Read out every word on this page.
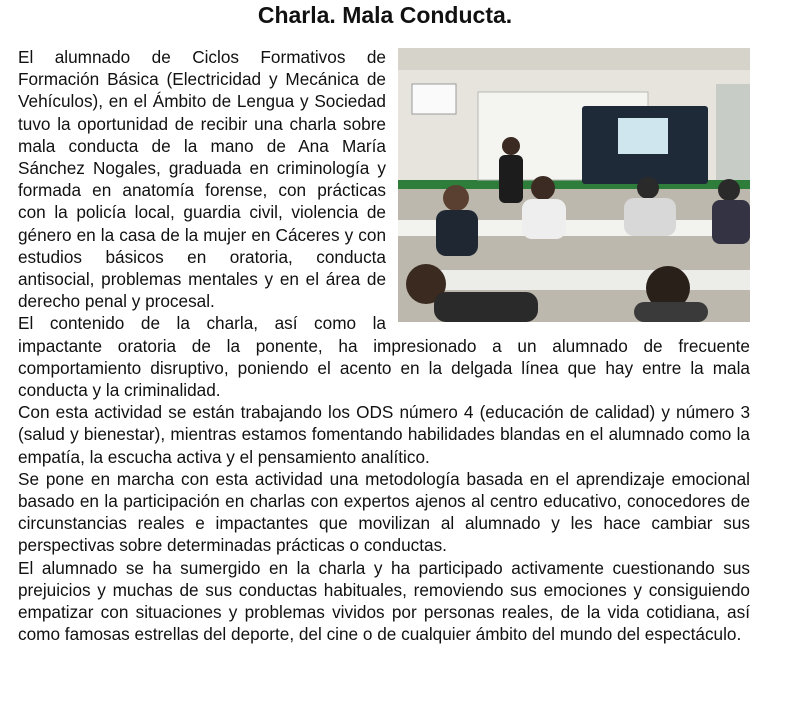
Charla. Mala Conducta.

El alumnado de Ciclos Formativos de Formación Básica (Electricidad y Mecánica de Vehículos), en el Ámbito de Lengua y Sociedad tuvo la oportunidad de recibir una charla sobre mala conducta de la mano de Ana María Sánchez Nogales, graduada en criminología y formada en anatomía forense, con prácticas con la policía local, guardia civil, violencia de género en la casa de la mujer en Cáceres y con estudios básicos en oratoria, conducta antisocial, problemas mentales y en el área de derecho penal y procesal.

El contenido de la charla, así como la impactante oratoria de la ponente, ha impresionado a un alumnado de frecuente comportamiento disruptivo, poniendo el acento en la delgada línea que hay entre la mala conducta y la criminalidad.

Con esta actividad se están trabajando los ODS número 4 (educación de calidad) y número 3 (salud y bienestar), mientras estamos fomentando habilidades blandas en el alumnado como la empatía, la escucha activa y el pensamiento analítico.

Se pone en marcha con esta actividad una metodología basada en el aprendizaje emocional basado en la participación en charlas con expertos ajenos al centro educativo, conocedores de circunstancias reales e impactantes que movilizan al alumnado y les hace cambiar sus perspectivas sobre determinadas prácticas o conductas.

El alumnado se ha sumergido en la charla y ha participado activamente cuestionando sus prejuicios y muchas de sus conductas habituales, removiendo sus emociones y consiguiendo empatizar con situaciones y problemas vividos por personas reales, de la vida cotidiana, así como famosas estrellas del deporte, del cine o de cualquier ámbito del mundo del espectáculo.
